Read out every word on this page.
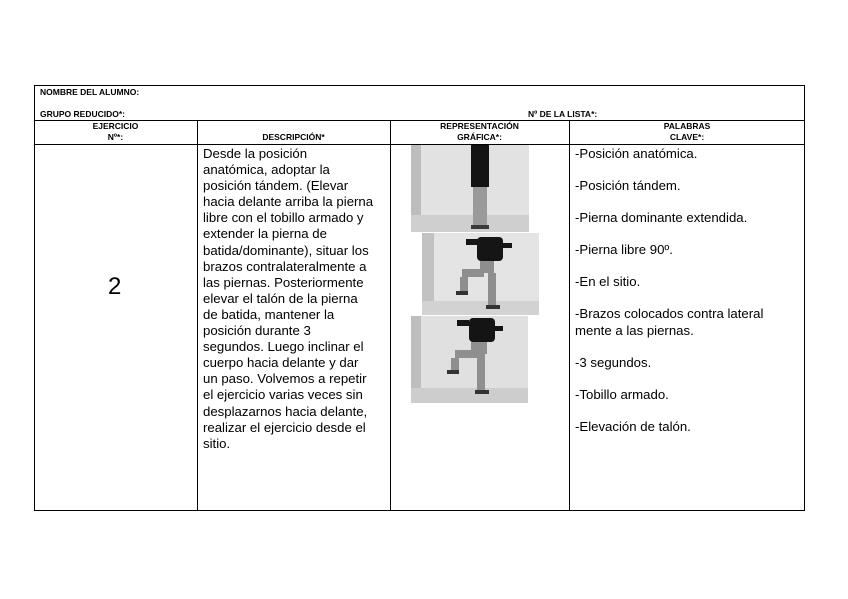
NOMBRE DEL ALUMNO:
GRUPO REDUCIDO*:	Nº DE LA LISTA*:
EJERCICIO
Nº*:	DESCRIPCIÓN*
REPRESENTACIÓN
GRÁFICA*:
PALABRAS
CLAVE*:
2
Desde la posición
anatómica, adoptar la
posición tándem. (Elevar
hacia delante arriba la pierna
libre con el tobillo armado y
extender la pierna de
batida/dominante), situar los
brazos contralateralmente a
las piernas. Posteriormente
elevar el talón de la pierna
de batida, mantener la
posición durante 3
segundos. Luego inclinar el
cuerpo hacia delante y dar
un paso. Volvemos a repetir
el ejercicio varias veces sin
desplazarnos hacia delante,
realizar el ejercicio desde el
sitio.
-Posición anatómica.
-Posición tándem.
-Pierna dominante extendida.
-Pierna libre 90º.
-En el sitio.
-Brazos colocados contra lateral mente a las piernas.
-3 segundos.
-Tobillo armado.
-Elevación de talón.
